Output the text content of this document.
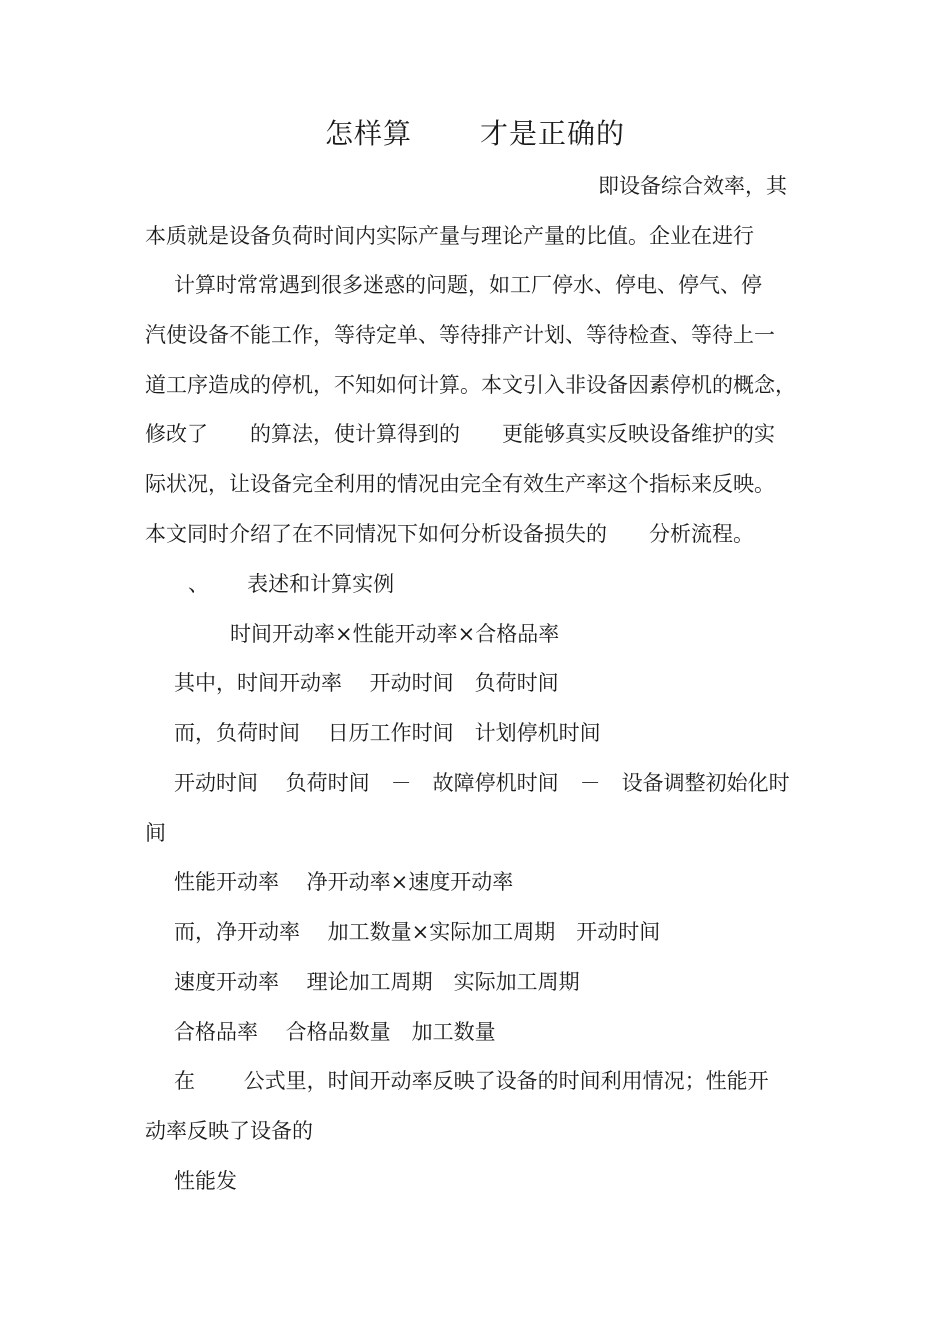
怎样算　　 才是正确的
即设备综合效率，其
本质就是设备负荷时间内实际产量与理论产量的比值。企业在进行
计算时常常遇到很多迷惑的问题，如工厂停水、停电、停气、停
汽使设备不能工作，等待定单、等待排产计划、等待检查、等待上一
道工序造成的停机，不知如何计算。本文引入非设备因素停机的概念，
修改了　　的算法，使计算得到的　　更能够真实反映设备维护的实
际状况，让设备完全利用的情况由完全有效生产率这个指标来反映。
本文同时介绍了在不同情况下如何分析设备损失的　　分析流程。
、　　 表述和计算实例
时间开动率×性能开动率×合格品率
其中，时间开动率　 开动时间　负荷时间
而，负荷时间　 日历工作时间　计划停机时间
开动时间　 负荷时间　－　故障停机时间　－　设备调整初始化时
间
性能开动率　 净开动率×速度开动率
而，净开动率　 加工数量×实际加工周期　开动时间
速度开动率　 理论加工周期　实际加工周期
合格品率　 合格品数量　加工数量
在　　 公式里，时间开动率反映了设备的时间利用情况；性能开
动率反映了设备的
性能发
